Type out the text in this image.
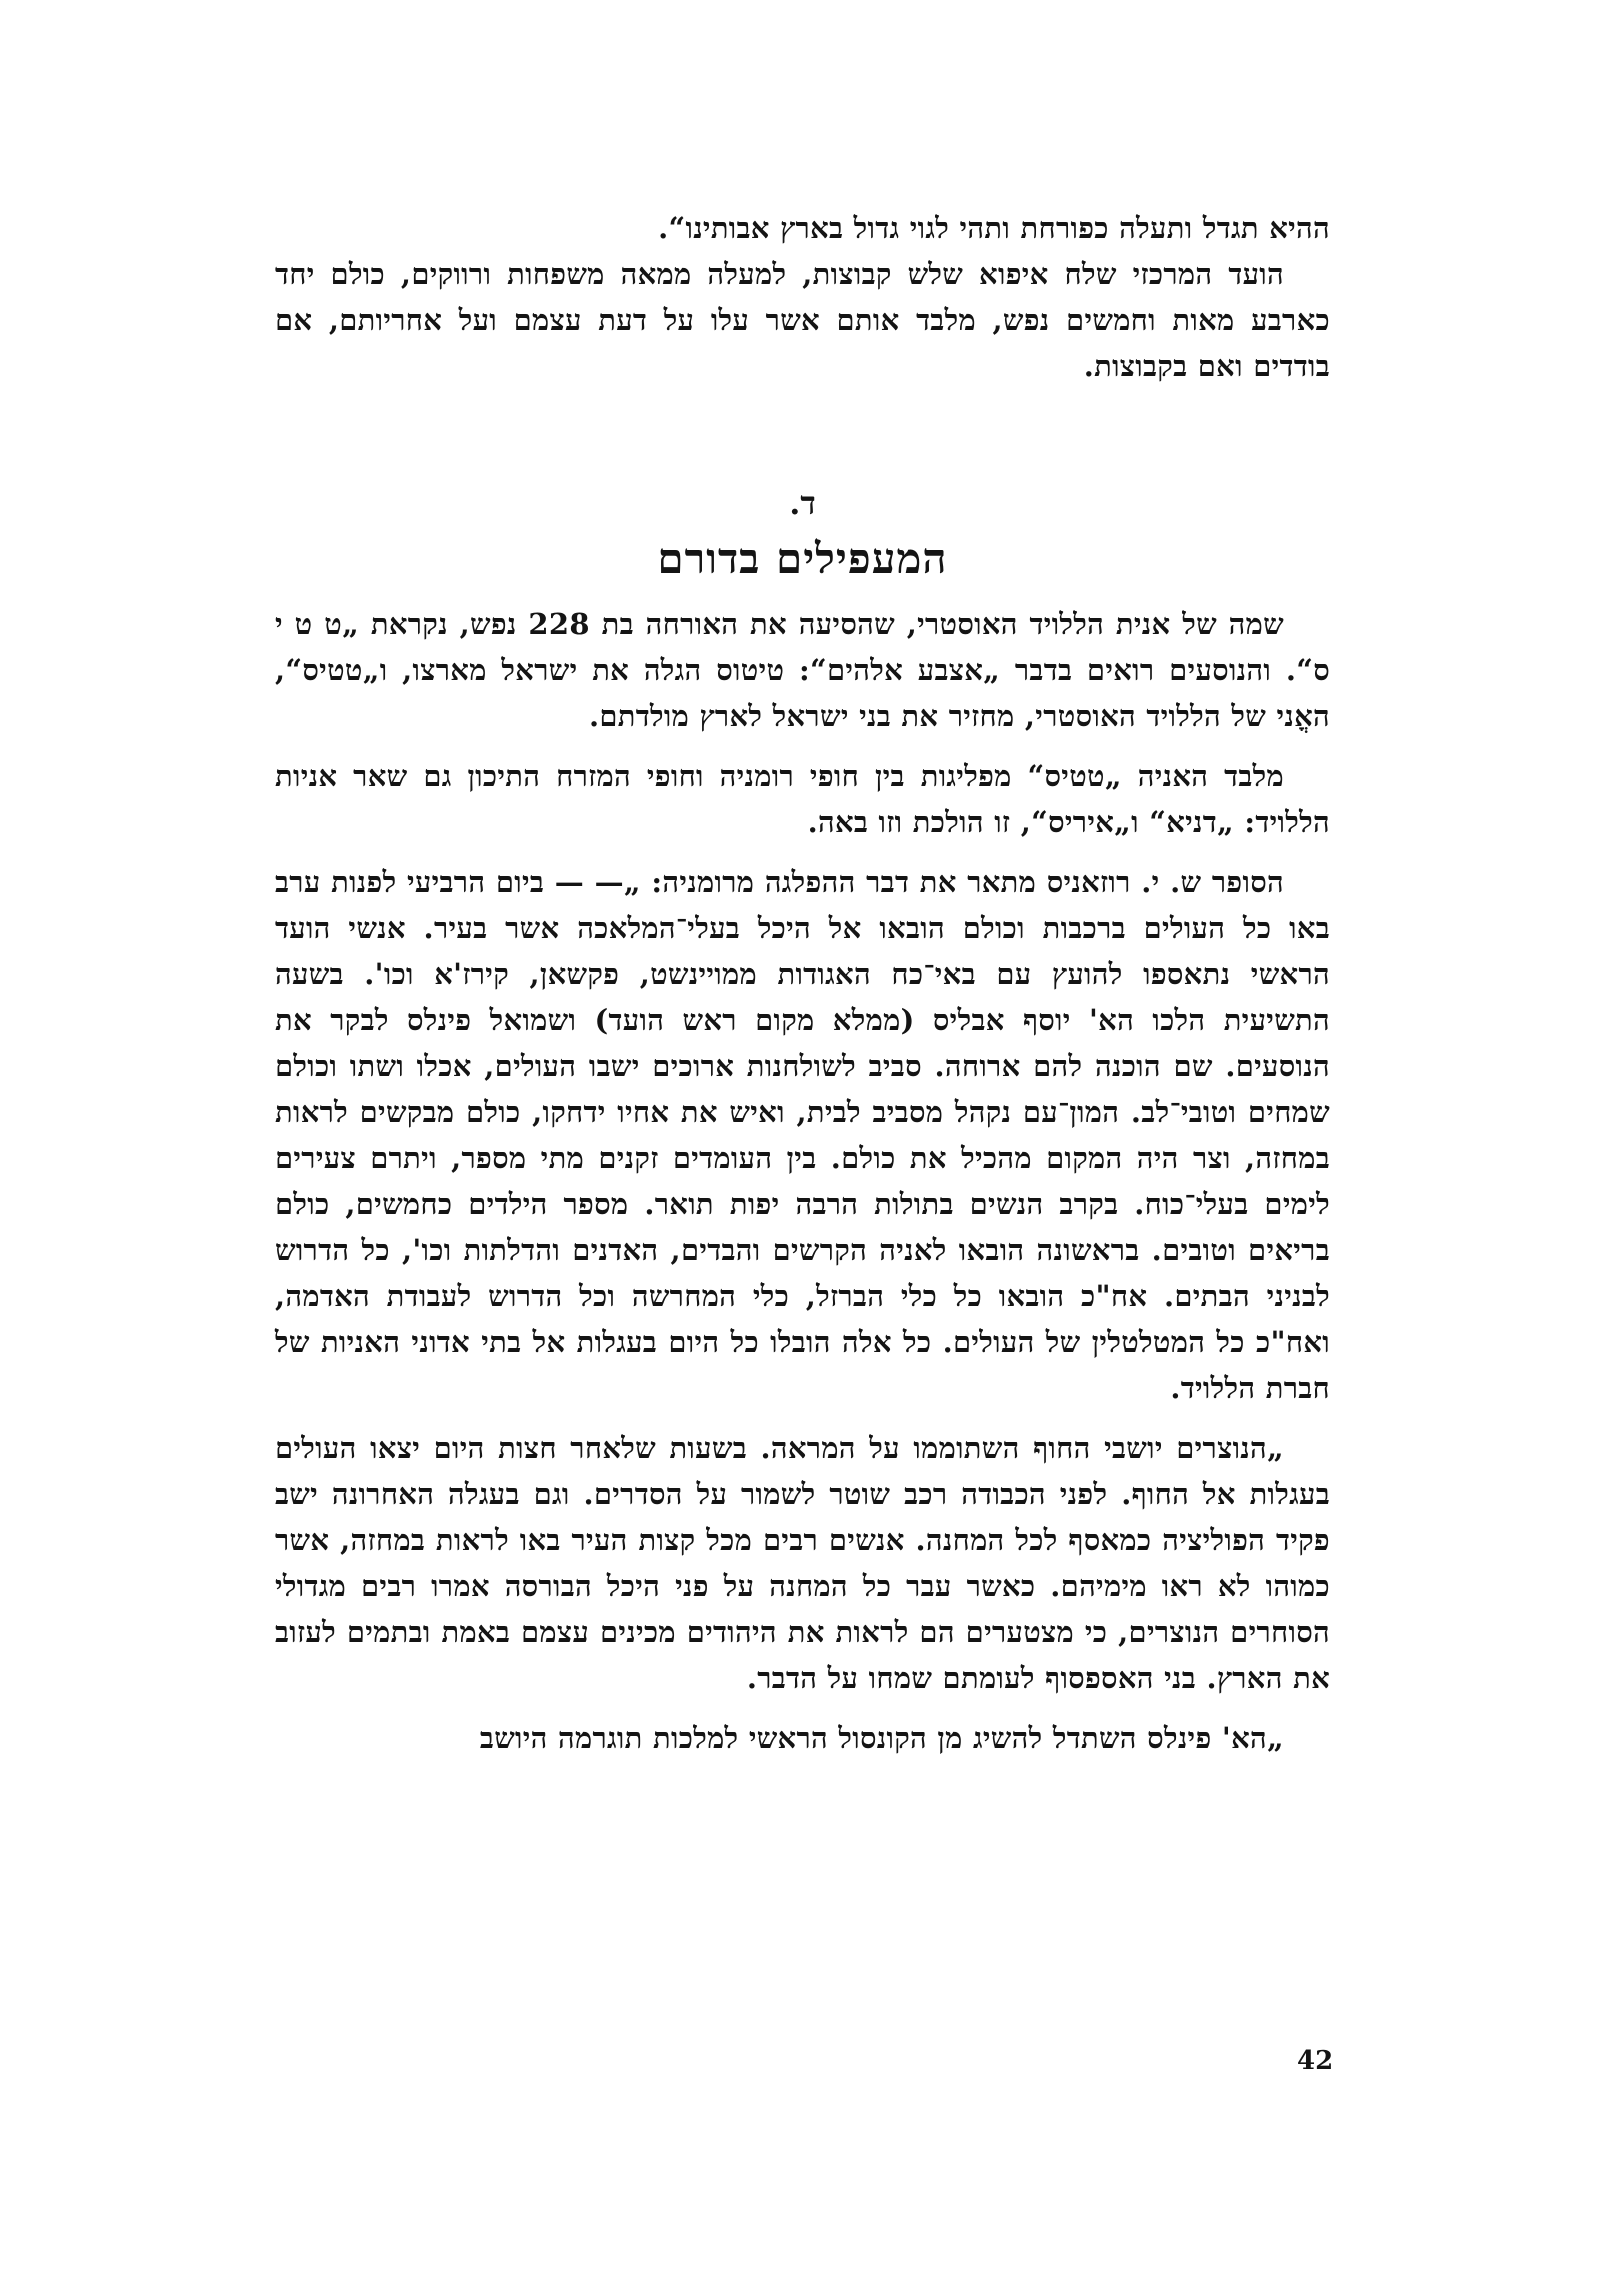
ההיא תגדל ותעלה כפורחת ותהי לגוי גדול בארץ אבותינו“.

הועד המרכזי שלח איפוא שלש קבוצות, למעלה ממאה משפחות ורווקים, כולם יחד כארבע מאות וחמשים נפש, מלבד אותם אשר עלו על דעת עצמם ועל אחריותם, אם בודדים ואם בקבוצות.

ד.
המעפילים בדורם

שמה של אנית הללויד האוסטרי, שהסיעה את האורחה בת 228 נפש, נקראת „ט ט י ס“. והנוסעים רואים בדבר „אצבע אלהים“: טיטוס הגלה את ישראל מארצו, ו„טטיס“, האֳני של הללויד האוסטרי, מחזיר את בני ישראל לארץ מולדתם.

מלבד האניה „טטיס“ מפליגות בין חופי רומניה וחופי המזרח התיכון גם שאר אניות הללויד: „דניא“ ו„איריס“, זו הולכת וזו באה.

הסופר ש. י. רוזאניס מתאר את דבר ההפלגה מרומניה: „— — ביום הרביעי לפנות ערב באו כל העולים ברכבות וכולם הובאו אל היכל בעלי־המלאכה אשר בעיר. אנשי הועד הראשי נתאספו להועץ עם באי־כח האגודות ממויינשט, פקשאן, קירז'א וכו'. בשעה התשיעית הלכו הא' יוסף אבליס (ממלא מקום ראש הועד) ושמואל פינלס לבקר את הנוסעים. שם הוכנה להם ארוחה. סביב לשולחנות ארוכים ישבו העולים, אכלו ושתו וכולם שמחים וטובי־לב. המון־עם נקהל מסביב לבית, ואיש את אחיו ידחקו, כולם מבקשים לראות במחזה, וצר היה המקום מהכיל את כולם. בין העומדים זקנים מתי מספר, ויתרם צעירים לימים בעלי־כוח. בקרב הנשים בתולות הרבה יפות תואר. מספר הילדים כחמשים, כולם בריאים וטובים. בראשונה הובאו לאניה הקרשים והבדים, האדנים והדלתות וכו', כל הדרוש לבניני הבתים. אח"כ הובאו כל כלי הברזל, כלי המחרשה וכל הדרוש לעבודת האדמה, ואח"כ כל המטלטלין של העולים. כל אלה הובלו כל היום בעגלות אל בתי אדוני האניות של חברת הללויד.

„הנוצרים יושבי החוף השתוממו על המראה. בשעות שלאחר חצות היום יצאו העולים בעגלות אל החוף. לפני הכבודה רכב שוטר לשמור על הסדרים. וגם בעגלה האחרונה ישב פקיד הפוליציה כמאסף לכל המחנה. אנשים רבים מכל קצות העיר באו לראות במחזה, אשר כמוהו לא ראו מימיהם. כאשר עבר כל המחנה על פני היכל הבורסה אמרו רבים מגדולי הסוחרים הנוצרים, כי מצטערים הם לראות את היהודים מכינים עצמם באמת ובתמים לעזוב את הארץ. בני האספסוף לעומתם שמחו על הדבר.

„הא' פינלס השתדל להשיג מן הקונסול הראשי למלכות תוגרמה היושב

42
